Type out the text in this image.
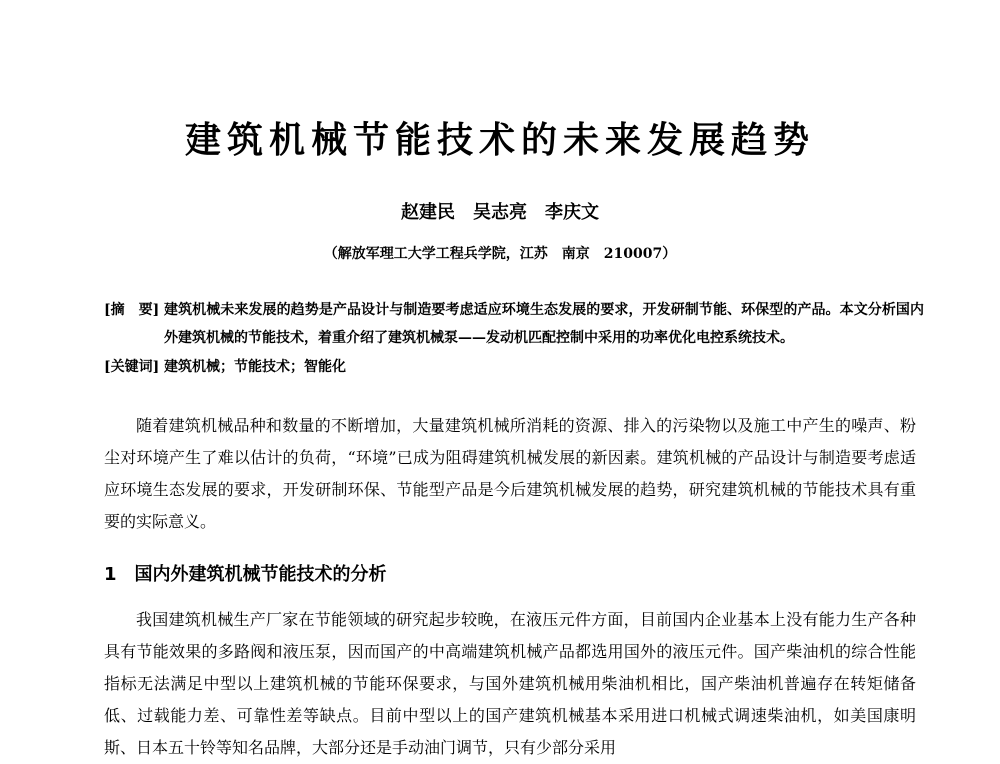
建筑机械节能技术的未来发展趋势
赵建民　吴志亮　李庆文
（解放军理工大学工程兵学院，江苏　南京　210007）
[摘　要] 建筑机械未来发展的趋势是产品设计与制造要考虑适应环境生态发展的要求，开发研制节能、环保型的产品。本文分析国内外建筑机械的节能技术，着重介绍了建筑机械泵——发动机匹配控制中采用的功率优化电控系统技术。
[关键词] 建筑机械；节能技术；智能化
随着建筑机械品种和数量的不断增加，大量建筑机械所消耗的资源、排入的污染物以及施工中产生的噪声、粉尘对环境产生了难以估计的负荷，“环境”已成为阻碍建筑机械发展的新因素。建筑机械的产品设计与制造要考虑适应环境生态发展的要求，开发研制环保、节能型产品是今后建筑机械发展的趋势，研究建筑机械的节能技术具有重要的实际意义。
1　国内外建筑机械节能技术的分析
我国建筑机械生产厂家在节能领域的研究起步较晚，在液压元件方面，目前国内企业基本上没有能力生产各种具有节能效果的多路阀和液压泵，因而国产的中高端建筑机械产品都选用国外的液压元件。国产柴油机的综合性能指标无法满足中型以上建筑机械的节能环保要求，与国外建筑机械用柴油机相比，国产柴油机普遍存在转矩储备低、过载能力差、可靠性差等缺点。目前中型以上的国产建筑机械基本采用进口机械式调速柴油机，如美国康明斯、日本五十铃等知名品牌，大部分还是手动油门调节，只有少部分采用
